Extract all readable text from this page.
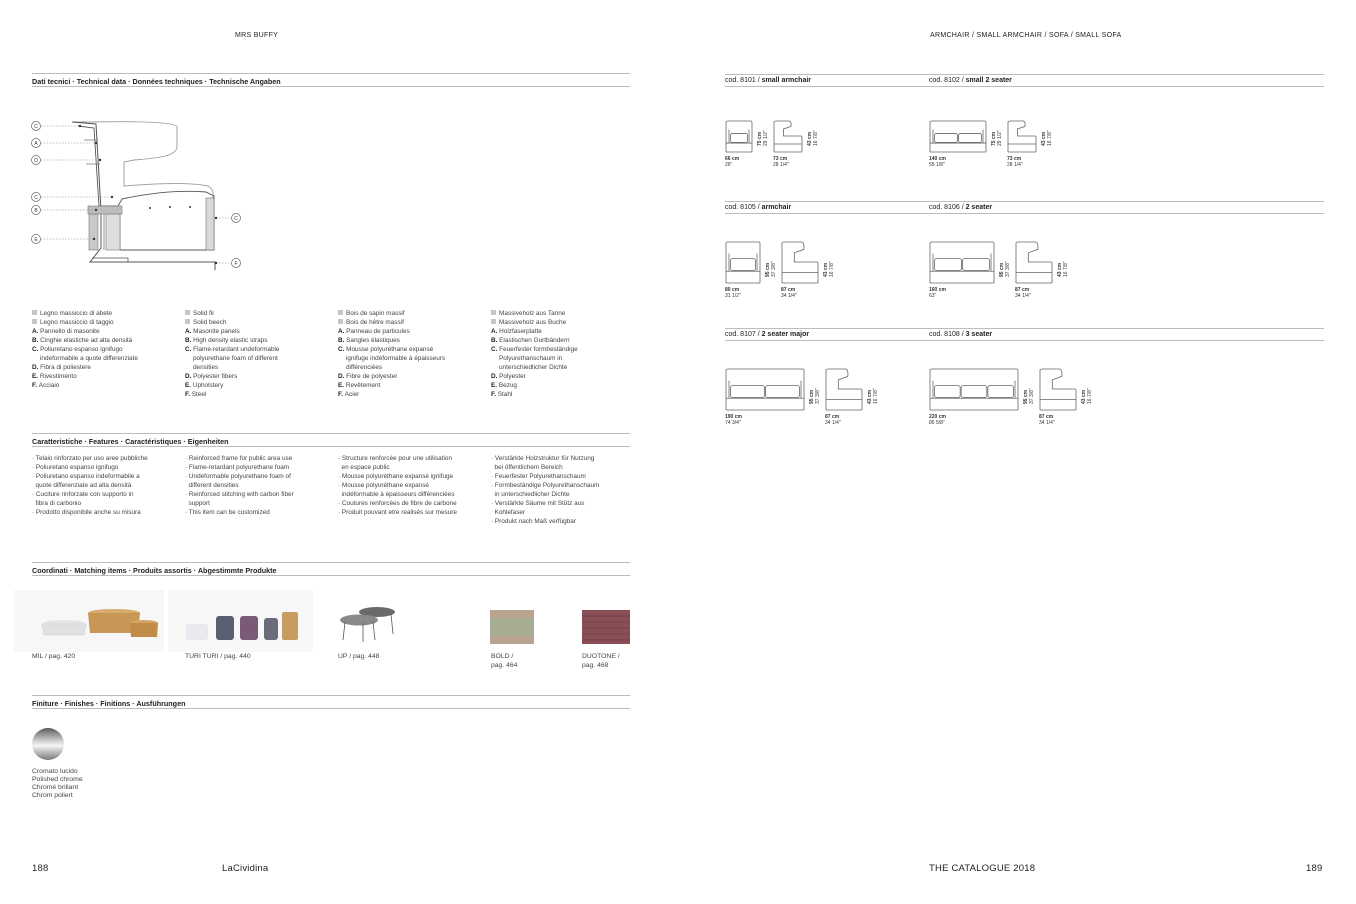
MRS BUFFY
Dati tecnici · Technical data · Données techniques · Technische Angaben
C
A
D
C
B
E
C
F
Legno massiccio di abete
Legno massiccio di taggio
A. Pannello di masonite
B. Cinghie elastiche ad alta densità
C. Poliuretano espanso ignifugo
indeformabile a quote differenziate
D. Fibra di poliestere
E. Rivestimento
F. Acciaio
Solid fir
Solid beech
A. Masonite panels
B. High density elastic straps
C. Flame-retardant undeformable
polyurethane foam of different
densities
D. Polyester fibers
E. Upholstery
F. Steel
Bois de sapin massif
Bois de hêtre massif
A. Panneau de particules
B. Sangles élastiques
C. Mousse polyuréthane expansé
ignifuge indéformable à épaisseurs
différenciées
D. Fibre de polyester
E. Revêtement
F. Acier
Massiveholz aus Tanne
Massiveholz aus Buche
A. Holzfaserplatte
B. Elastischen Gurtbändern
C. Feuerfester formbeständige
Polyurethanschaum in
unterschiedlicher Dichte
D. Polyester
E. Bezug
F. Stahl
Caratteristiche · Features · Caractéristiques · Eigenheiten
· Telaio rinforzato per uso aree pubbliche
· Poliuretano espanso ignifugo
· Poliuretano espanso indeformabile a
quote differenziate ad alta densità
· Cuciture rinforzate con supporto in
fibra di carbonio
· Prodotto disponibile anche su misura
· Reinforced frame for public area use
· Flame-retardant polyurethane foam
· Undeformable polyurethane foam of
different densities
· Reinforced stitching with carbon fiber
support
· This item can be customized
· Structure renforcée pour une utilisation
en espace public
· Mousse polyuréthane expansé ignifuge
· Mousse polyuréthane expansé
indéformable à épaisseurs différenciées
· Coutures renforcées de fibre de carbone
· Produit pouvant etre realisés sur mesure
· Verstärkte Holzstruktur für Nutzung
bei öffentlichem Bereich
· Feuerfester Polyurethanschaum
· Formbeständige Polyurethanschaum
in unterschiedlicher Dichte
· Verstärkte Säume mit Stütz aus
Kohlefaser
· Produkt nach Maß verfügbar
Coordinati · Matching items · Produits assortis · Abgestimmte Produkte
MIL / pag. 420	TURI TURI / pag. 440	UP / pag. 448	BOLD /
pag. 464
DUOTONE /
pag. 468
Finiture · Finishes · Finitions · Ausführungen
Cromato lucido
Polished chrome
Chromé brillant
Chrom poliert
188	LaCividina
ARMCHAIR / SMALL ARMCHAIR / SOFA / SMALL SOFA
cod. 8101 / small armchair
75 cm
29 1/2"
66 cm
26"
43 cm
16 7/8"
73 cm
28 1/4"
cod. 8102 / small 2 seater
75 cm
29 1/2"
140 cm
55 1/8"
43 cm
16 7/8"
73 cm
28 1/4"
cod. 8105 / armchair
95 cm
37 3/8"
80 cm
31 1/2"
43 cm
16 7/8"
87 cm
34 1/4"
cod. 8106 / 2 seater
95 cm
37 3/8"
160 cm
63"
43 cm
16 7/8"
87 cm
34 1/4"
cod. 8107 / 2 seater major
95 cm
37 3/8"
190 cm
74 3/4"
43 cm
16 7/8"
87 cm
34 1/4"
cod. 8108 / 3 seater
95 cm
37 3/8"
220 cm
86 5/8"
43 cm
16 7/8"
87 cm
34 1/4"
THE CATALOGUE 2018	189
